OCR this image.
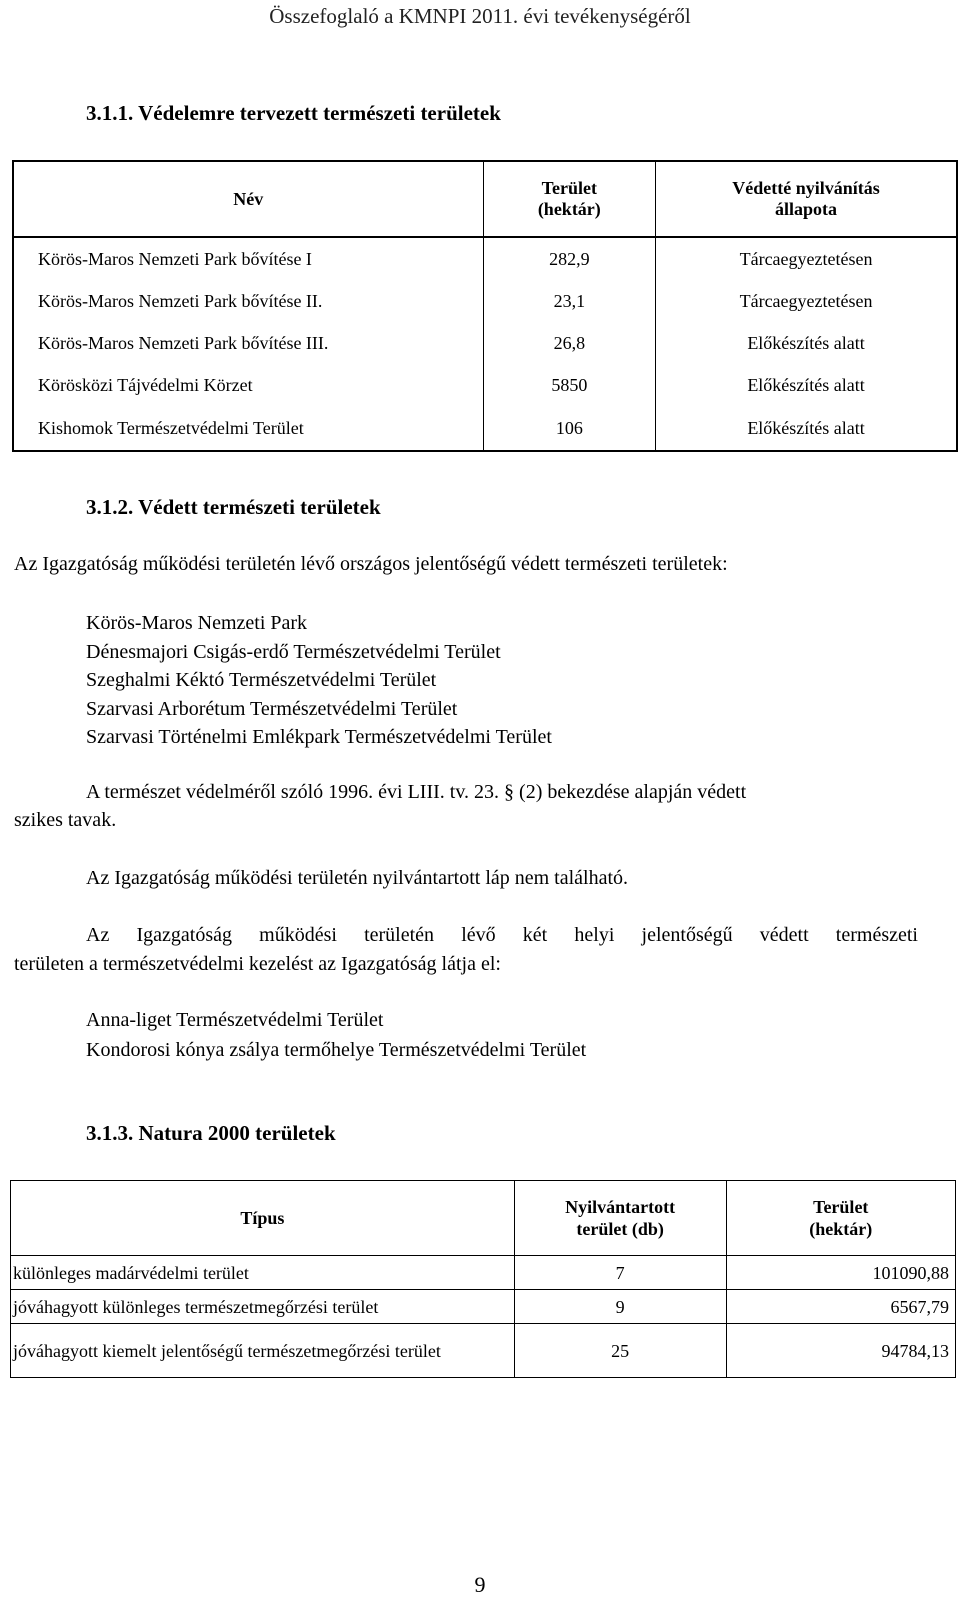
Összefoglaló a KMNPI 2011. évi tevékenységéről
3.1.1. Védelemre tervezett természeti területek
Név	Terület (hektár)	Védetté nyilvánítás állapota

Körös-Maros Nemzeti Park bővítése I	282,9	Tárcaegyeztetésen
Körös-Maros Nemzeti Park bővítése II.	23,1	Tárcaegyeztetésen
Körös-Maros Nemzeti Park bővítése III.	26,8	Előkészítés alatt
Körösközi Tájvédelmi Körzet	5850	Előkészítés alatt
Kishomok Természetvédelmi Terület	106	Előkészítés alatt
3.1.2. Védett természeti területek
Az Igazgatóság működési területén lévő országos jelentőségű védett természeti területek:
Körös-Maros Nemzeti Park
Dénesmajori Csigás-erdő Természetvédelmi Terület
Szeghalmi Kéktó Természetvédelmi Terület
Szarvasi Arborétum Természetvédelmi Terület
Szarvasi Történelmi Emlékpark Természetvédelmi Terület
A természet védelméről szóló 1996. évi LIII. tv. 23. § (2) bekezdése alapján védett
szikes tavak.
Az Igazgatóság működési területén nyilvántartott láp nem található.
Az Igazgatóság működési területén lévő két helyi jelentőségű védett természeti
területen a természetvédelmi kezelést az Igazgatóság látja el:
Anna-liget Természetvédelmi Terület
Kondorosi kónya zsálya termőhelye Természetvédelmi Terület
3.1.3. Natura 2000 területek
Típus	Nyilvántartott terület (db)	Terület (hektár)

különleges madárvédelmi terület	7	101090,88
jóváhagyott különleges természetmegőrzési terület	9	6567,79

jóváhagyott kiemelt jelentőségű természetmegőrzési terület	25	94784,13
9
